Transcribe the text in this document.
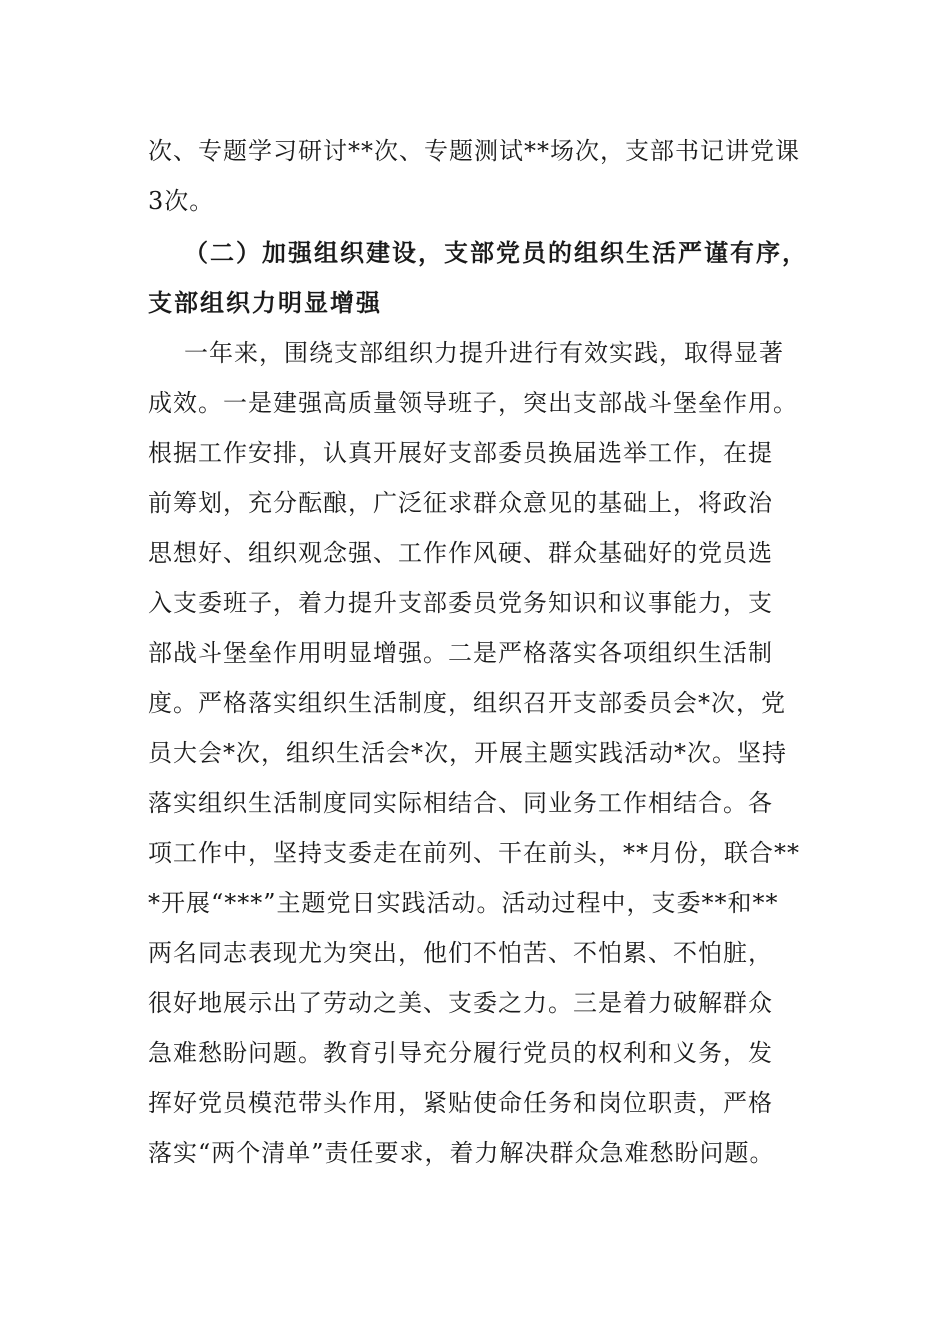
次、专题学习研讨**次、专题测试**场次，支部书记讲党课
3次。
（二）加强组织建设，支部党员的组织生活严谨有序，
支部组织力明显增强
一年来，围绕支部组织力提升进行有效实践，取得显著
成效。一是建强高质量领导班子，突出支部战斗堡垒作用。
根据工作安排，认真开展好支部委员换届选举工作，在提
前筹划，充分酝酿，广泛征求群众意见的基础上，将政治
思想好、组织观念强、工作作风硬、群众基础好的党员选
入支委班子，着力提升支部委员党务知识和议事能力，支
部战斗堡垒作用明显增强。二是严格落实各项组织生活制
度。严格落实组织生活制度，组织召开支部委员会*次，党
员大会*次，组织生活会*次，开展主题实践活动*次。坚持
落实组织生活制度同实际相结合、同业务工作相结合。各
项工作中，坚持支委走在前列、干在前头，**月份，联合**
*开展“***”主题党日实践活动。活动过程中，支委**和**
两名同志表现尤为突出，他们不怕苦、不怕累、不怕脏，
很好地展示出了劳动之美、支委之力。三是着力破解群众
急难愁盼问题。教育引导充分履行党员的权利和义务，发
挥好党员模范带头作用，紧贴使命任务和岗位职责，严格
落实“两个清单”责任要求，着力解决群众急难愁盼问题。
